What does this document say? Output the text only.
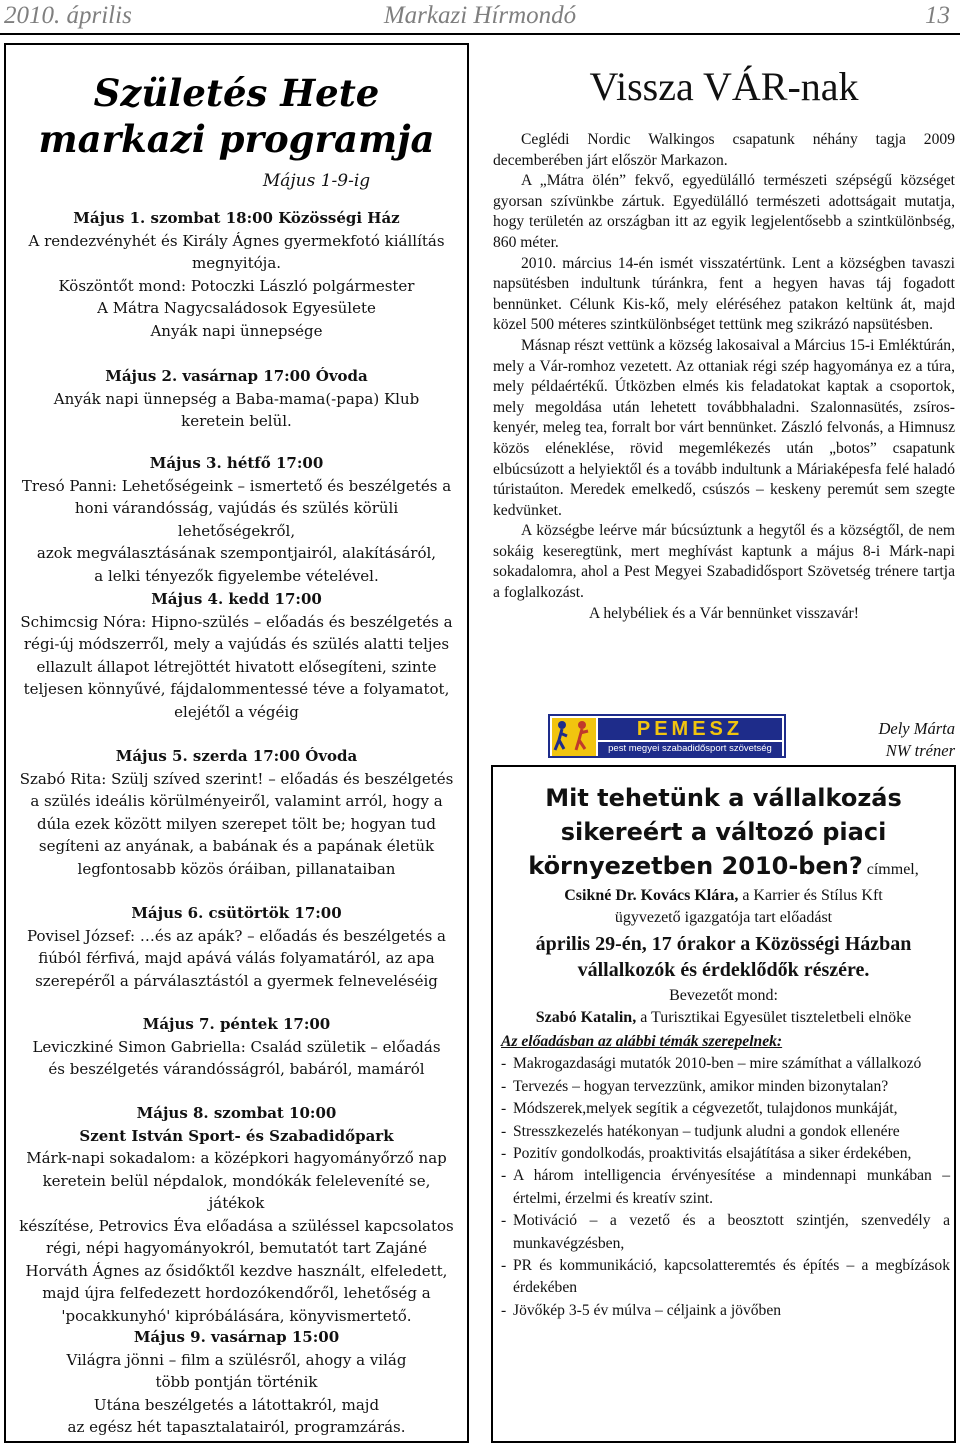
2010. április	Markazi Hírmondó	13
Születés Hete
markazi programja

Május 1-9-ig

Május 1. szombat 18:00 Közösségi Ház

A rendezvényhét és Király Ágnes gyermekfotó kiállítás

megnyitója.

Köszöntőt mond: Potoczki László polgármester

A Mátra Nagycsaládosok Egyesülete

Anyák napi ünnepsége

Május 2. vasárnap 17:00 Óvoda

Anyák napi ünnepség a Baba-mama(-papa) Klub

keretein belül.

Május 3. hétfő 17:00

Tresó Panni: Lehetőségeink – ismertető és beszélgetés a

honi várandósság, vajúdás és szülés körüli lehetőségekről,

azok megválasztásának szempontjairól, alakításáról,

a lelki tényezők figyelembe vételével.

Május 4. kedd 17:00

Schimcsig Nóra: Hipno-szülés – előadás és beszélgetés a

régi-új módszerről, mely a vajúdás és szülés alatti teljes

ellazult állapot létrejöttét hivatott elősegíteni, szinte

teljesen könnyűvé, fájdalommentessé téve a folyamatot,

elejétől a végéig

Május 5. szerda 17:00 Óvoda

Szabó Rita: Szülj szíved szerint! – előadás és beszélgetés

a szülés ideális körülményeiről, valamint arról, hogy a

dúla ezek között milyen szerepet tölt be; hogyan tud

segíteni az anyának, a babának és a papának életük

legfontosabb közös óráiban, pillanataiban

Május 6. csütörtök 17:00

Povisel József: …és az apák? – előadás és beszélgetés a

fiúból férfivá, majd apává válás folyamatáról, az apa

szerepéről a párválasztástól a gyermek felneveléséig

Május 7. péntek 17:00

Leviczkiné Simon Gabriella: Család születik – előadás

és beszélgetés várandósságról, babáról, mamáról

Május 8. szombat 10:00

Szent István Sport- és Szabadidőpark

Márk-napi sokadalom: a középkori hagyományőrző nap

keretein belül népdalok, mondókák feleleveníté se, játékok

készítése, Petrovics Éva előadása a szüléssel kapcsolatos

régi, népi hagyományokról, bemutatót tart Zajáné

Horváth Ágnes az ősidőktől kezdve használt, elfeledett,

majd újra felfedezett hordozókendőről, lehetőség a

'pocakkunyhó' kipróbálására, könyvismertető.

Május 9. vasárnap 15:00

Világra jönni – film a szülésről, ahogy a világ

több pontján történik

Utána beszélgetés a látottakról, majd

az egész hét tapasztalatairól, programzárás.

Vissza VÁR-nak

Ceglédi Nordic Walkingos csapatunk néhány tagja 2009 decemberében járt először Markazon.

A „Mátra ölén” fekvő, egyedülálló természeti szépségű községet gyorsan szívünkbe zártuk. Egyedülálló természeti adottságait mutatja, hogy területén az országban itt az egyik legjelentősebb a szintkülönbség, 860 méter.

2010. március 14-én ismét visszatértünk. Lent a községben tavaszi napsütésben indultunk túránkra, fent a hegyen havas táj fogadott bennünket. Célunk Kis-kő, mely eléréséhez patakon keltünk át, majd közel 500 méteres szintkülönbséget tettünk meg szikrázó napsütésben.

Másnap részt vettünk a község lakosaival a Március 15-i Emléktúrán, mely a Vár-romhoz vezetett. Az ottaniak régi szép hagyománya ez a túra, mely példaértékű. Útközben elmés kis feladatokat kaptak a csoportok, mely megoldása után lehetett továbbhaladni. Szalonnasütés, zsíros-kenyér, meleg tea, forralt bor várt bennünket. Zászló felvonás, a Himnusz közös eléneklése, rövid megemlékezés után „botos” csapatunk elbúcsúzott a helyiektől és a tovább indultunk a Máriaképesfa felé haladó túristaúton. Meredek emelkedő, csúszós – keskeny peremút sem szegte kedvünket.

A községbe leérve már búcsúztunk a hegytől és a községtől, de nem sokáig keseregtünk, mert meghívást kaptunk a május 8-i Márk-napi sokadalomra, ahol a Pest Megyei Szabadidősport Szövetség trénere tartja a foglalkozást.

A helybéliek és a Vár bennünket visszavár!

PEMESZ
pest megyei szabadidősport szövetség
Dely Márta
NW tréner
Mit tehetünk a vállalkozás
sikereért a változó piaci
környezetben 2010-ben? címmel,
Csikné Dr. Kovács Klára, a Karrier és Stílus Kft
ügyvezető igazgatója tart előadást
április 29-én, 17 órakor a Közösségi Házban
vállalkozók és érdeklődők részére.
Bevezetőt mond:
Szabó Katalin, a Turisztikai Egyesület tiszteletbeli elnöke
Az előadásban az alábbi témák szerepelnek:
- Makrogazdasági mutatók 2010-ben – mire számíthat a vállalkozó
- Tervezés – hogyan tervezzünk, amikor minden bizonytalan?
- Módszerek,melyek segítik a cégvezetőt, tulajdonos munkáját,
- Stresszkezelés hatékonyan – tudjunk aludni a gondok ellenére
- Pozitív gondolkodás, proaktivitás elsajátítása a siker érdekében,
- A három intelligencia érvényesítése a mindennapi munkában – értelmi, érzelmi és kreatív szint.
- Motiváció – a vezető és a beosztott szintjén, szenvedély a munkavégzésben,
- PR és kommunikáció, kapcsolatteremtés és építés – a megbízások érdekében
- Jövőkép 3-5 év múlva – céljaink a jövőben
